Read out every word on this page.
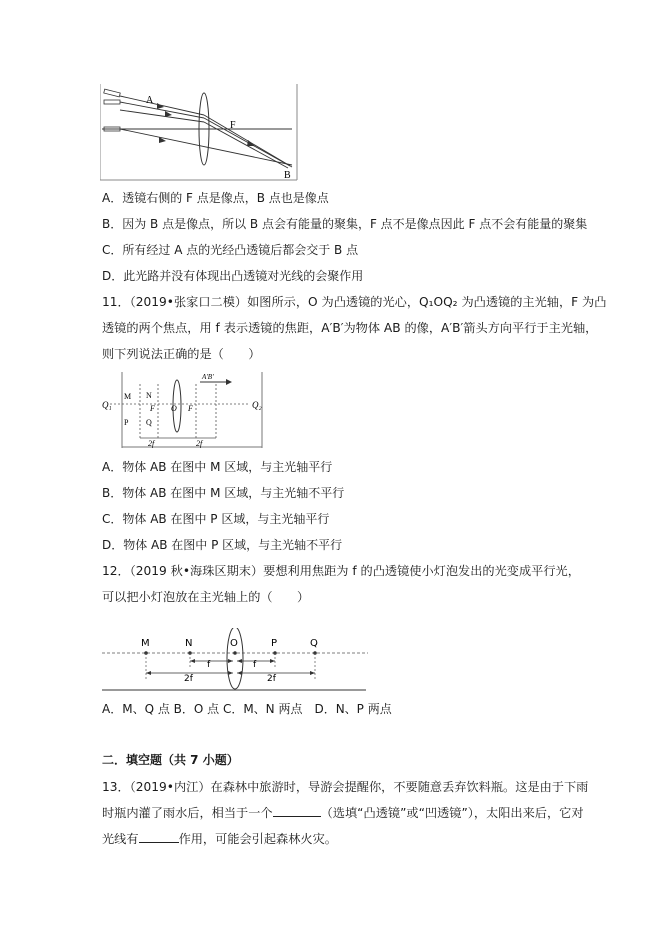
A
F
B
A．透镜右侧的 F 点是像点，B 点也是像点
B．因为 B 点是像点，所以 B 点会有能量的聚集，F 点不是像点因此 F 点不会有能量的聚集
C．所有经过 A 点的光经凸透镜后都会交于 B 点
D．此光路并没有体现出凸透镜对光线的会聚作用
11．（2019•张家口二模）如图所示，O 为凸透镜的光心，Q₁OQ₂ 为凸透镜的主光轴，F 为凸
透镜的两个焦点，用 f 表示透镜的焦距，A′B′为物体 AB 的像，A′B′箭头方向平行于主光轴，
则下列说法正确的是（　　）
Q₁	Q₂
M N
P Q
F O F
A′B′
2f	2f
A．物体 AB 在图中 M 区域，与主光轴平行
B．物体 AB 在图中 M 区域，与主光轴不平行
C．物体 AB 在图中 P 区域，与主光轴平行
D．物体 AB 在图中 P 区域，与主光轴不平行
12．（2019 秋•海珠区期末）要想利用焦距为 f 的凸透镜使小灯泡发出的光变成平行光，
可以把小灯泡放在主光轴上的（　　）
M	N	O	P	Q
f	f
2f	2f
A．M、Q 点 B．O 点 C．M、N 两点　D．N、P 两点
二．填空题（共 7 小题）
13．（2019•内江）在森林中旅游时，导游会提醒你，不要随意丢弃饮料瓶。这是由于下雨
时瓶内灌了雨水后，相当于一个	（选填“凸透镜”或“凹透镜”），太阳出来后，它对
光线有	作用，可能会引起森林火灾。
